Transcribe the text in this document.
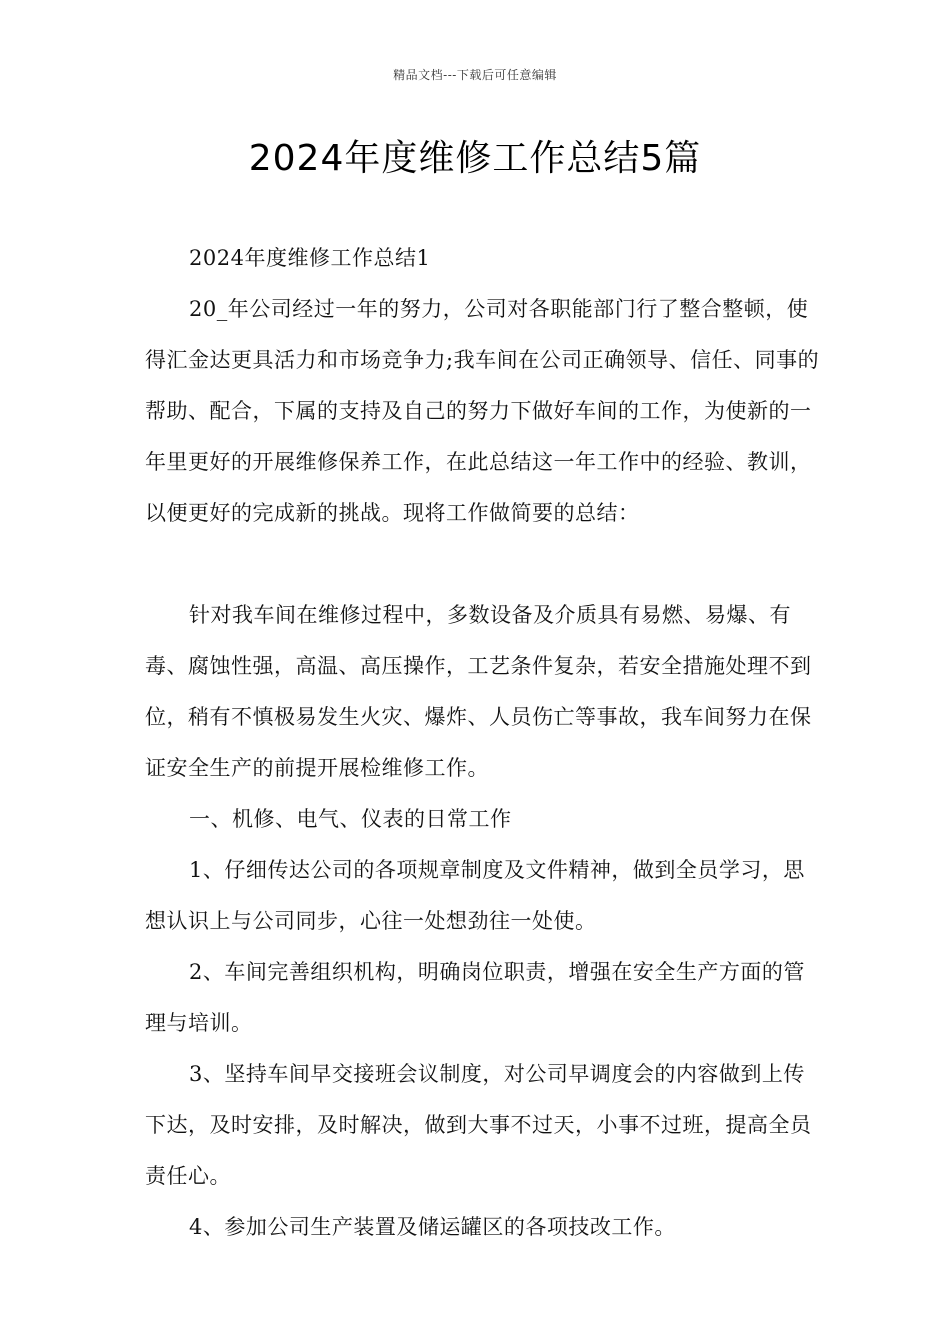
精品文档---下载后可任意编辑
2024年度维修工作总结5篇

2024年度维修工作总结1

20_年公司经过一年的努力，公司对各职能部门行了整合整顿，使得汇金达更具活力和市场竞争力;我车间在公司正确领导、信任、同事的帮助、配合，下属的支持及自己的努力下做好车间的工作，为使新的一年里更好的开展维修保养工作，在此总结这一年工作中的经验、教训，以便更好的完成新的挑战。现将工作做简要的总结：

针对我车间在维修过程中，多数设备及介质具有易燃、易爆、有毒、腐蚀性强，高温、高压操作，工艺条件复杂，若安全措施处理不到位，稍有不慎极易发生火灾、爆炸、人员伤亡等事故，我车间努力在保证安全生产的前提开展检维修工作。

一、机修、电气、仪表的日常工作

1、仔细传达公司的各项规章制度及文件精神，做到全员学习，思想认识上与公司同步，心往一处想劲往一处使。

2、车间完善组织机构，明确岗位职责，增强在安全生产方面的管理与培训。

3、坚持车间早交接班会议制度，对公司早调度会的内容做到上传下达，及时安排，及时解决，做到大事不过天，小事不过班，提高全员责任心。

4、参加公司生产装置及储运罐区的各项技改工作。
